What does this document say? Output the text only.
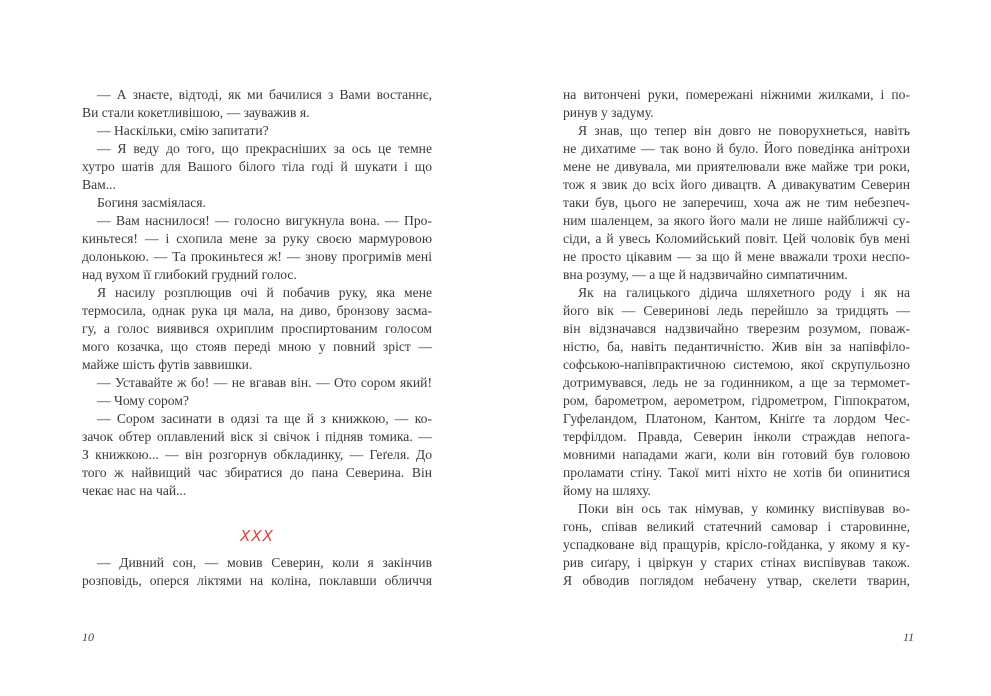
— А знаєте, відтоді, як ми бачилися з Вами востаннє,
Ви стали кокетливішою, — зауважив я.
— Наскільки, смію запитати?
— Я веду до того, що прекрасніших за ось це темне
хутро шатів для Вашого білого тіла годі й шукати і що
Вам...
Богиня засміялася.
— Вам наснилося! — голосно вигукнула вона. — Про-
киньтеся! — і схопила мене за руку своєю мармуровою
долонькою. — Та прокиньтеся ж! — знову прогримів мені
над вухом її глибокий грудний голос.
Я насилу розплющив очі й побачив руку, яка мене
термосила, однак рука ця мала, на диво, бронзову засма-
гу, а голос виявився охриплим проспиртованим голосом
мого козачка, що стояв переді мною у повний зріст —
майже шість футів заввишки.
— Уставайте ж бо! — не вгавав він. — Ото сором який!
— Чому сором?
— Сором засинати в одязі та ще й з книжкою, — ко-
зачок обтер оплавлений віск зі свічок і підняв томика. —
З книжкою... — він розгорнув обкладинку, — Геґеля. До
того ж найвищий час збиратися до пана Северина. Він
чекає нас на чай...
XXX
— Дивний сон, — мовив Северин, коли я закінчив
розповідь, оперся ліктями на коліна, поклавши обличчя
10
на витончені руки, помережані ніжними жилками, і по-
ринув у задуму.
Я знав, що тепер він довго не поворухнеться, навіть
не дихатиме — так воно й було. Його поведінка анітрохи
мене не дивувала, ми приятелювали вже майже три роки,
тож я звик до всіх його дивацтв. А дивакуватим Северин
таки був, цього не заперечиш, хоча аж не тим небезпеч-
ним шаленцем, за якого його мали не лише найближчі су-
сіди, а й увесь Коломийський повіт. Цей чоловік був мені
не просто цікавим — за що й мене вважали трохи неспо-
вна розуму, — а ще й надзвичайно симпатичним.
Як на галицького дідича шляхетного роду і як на
його вік — Северинові ледь перейшло за тридцять —
він відзначався надзвичайно тверезим розумом, поваж-
ністю, ба, навіть педантичністю. Жив він за напівфіло-
софською-напівпрактичною системою, якої скрупульозно
дотримувався, ледь не за годинником, а ще за термомет-
ром, барометром, аерометром, гідрометром, Гіппократом,
Гуфеландом, Платоном, Кантом, Кніґґе та лордом Чес-
терфілдом. Правда, Северин інколи страждав непога-
мовними нападами жаги, коли він готовий був головою
проламати стіну. Такої миті ніхто не хотів би опинитися
йому на шляху.
Поки він ось так німував, у коминку виспівував во-
гонь, співав великий статечний самовар і старовинне,
успадковане від пращурів, крісло-гойданка, у якому я ку-
рив сиґару, і цвіркун у старих стінах виспівував також.
Я обводив поглядом небачену утвар, скелети тварин,
11
